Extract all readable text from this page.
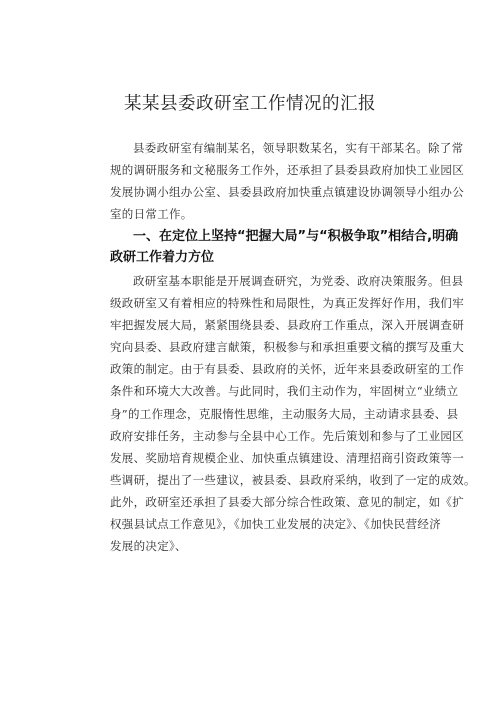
某某县委政研室工作情况的汇报
县委政研室有编制某名，领导职数某名，实有干部某名。除了常
规的调研服务和文秘服务工作外，还承担了县委县政府加快工业园区
发展协调小组办公室、县委县政府加快重点镇建设协调领导小组办公
室的日常工作。
一、在定位上坚持“把握大局”与“积极争取”相结合,明确
政研工作着力方位
政研室基本职能是开展调查研究，为党委、政府决策服务。但县
级政研室又有着相应的特殊性和局限性，为真正发挥好作用，我们牢
牢把握发展大局，紧紧围绕县委、县政府工作重点，深入开展调查研
究向县委、县政府建言献策，积极参与和承担重要文稿的撰写及重大
政策的制定。由于有县委、县政府的关怀，近年来县委政研室的工作
条件和环境大大改善。与此同时，我们主动作为，牢固树立“业绩立
身”的工作理念，克服惰性思维，主动服务大局，主动请求县委、县
政府安排任务，主动参与全县中心工作。先后策划和参与了工业园区
发展、奖励培育规模企业、加快重点镇建设、清理招商引资政策等一
些调研，提出了一些建议，被县委、县政府采纳，收到了一定的成效。
此外，政研室还承担了县委大部分综合性政策、意见的制定，如《扩
权强县试点工作意见》，《加快工业发展的决定》、《加快民营经济
发展的决定》、
